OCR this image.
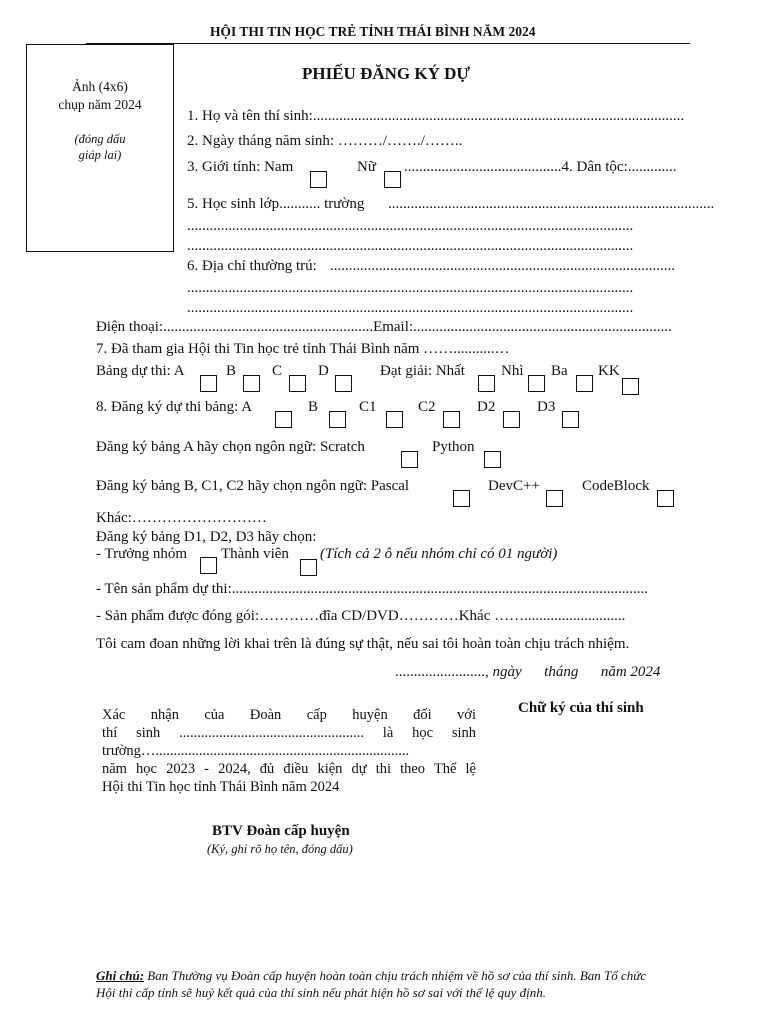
HỘI THI TIN HỌC TRẺ TỈNH THÁI BÌNH NĂM 2024
Ảnh (4x6)
chụp năm 2024
(đóng dấu
giáp lai)
PHIẾU ĐĂNG KÝ DỰ
1. Họ và tên thí sinh:...................................................................................................
2. Ngày tháng năm sinh: ………/……./……..
3. Giới tính: Nam	Nữ ..........................................4. Dân tộc:.............
5. Học sinh lớp........... trường .......................................................................................
.......................................................................................................................
.......................................................................................................................
6. Địa chỉ thường trú: ............................................................................................
.......................................................................................................................
.......................................................................................................................
Điện thoại:........................................................Email:.....................................................................
7. Đã tham gia Hội thi Tin học trẻ tỉnh Thái Bình năm ……...........…
Bảng dự thi: A	B C D	Đạt giải: Nhất Nhì Ba KK
8. Đăng ký dự thi bảng: A	B	C1	C2	D2	D3
Đăng ký bảng A hãy chọn ngôn ngữ: Scratch	Python
Đăng ký bảng B, C1, C2 hãy chọn ngôn ngữ: Pascal	DevC++	CodeBlock
Khác:………………………
Đăng ký bảng D1, D2, D3 hãy chọn:
- Trưởng nhóm Thành viên (Tích cả 2 ô nếu nhóm chỉ có 01 người)
- Tên sản phẩm dự thi:...............................................................................................................
- Sản phẩm được đóng gói:…………đĩa CD/DVD…………Khác ……...........................
Tôi cam đoan những lời khai trên là đúng sự thật, nếu sai tôi hoàn toàn chịu trách nhiệm.
........................, ngày      tháng      năm 2024
Xác nhận của Đoàn cấp huyện đối với
thí sinh ................................................... là học sinh
trường…......................................................................
năm học 2023 - 2024, đủ điều kiện dự thi theo Thể lệ
Hội thi Tin học tỉnh Thái Bình năm 2024
Chữ ký của thí sinh
BTV Đoàn cấp huyện
(Ký, ghi rõ họ tên, đóng dấu)
Ghi chú: Ban Thường vụ Đoàn cấp huyện hoàn toàn chịu trách nhiệm về hồ sơ của thí sinh. Ban Tổ chức
Hội thi cấp tỉnh sẽ huỷ kết quả của thí sinh nếu phát hiện hồ sơ sai với thể lệ quy định.
